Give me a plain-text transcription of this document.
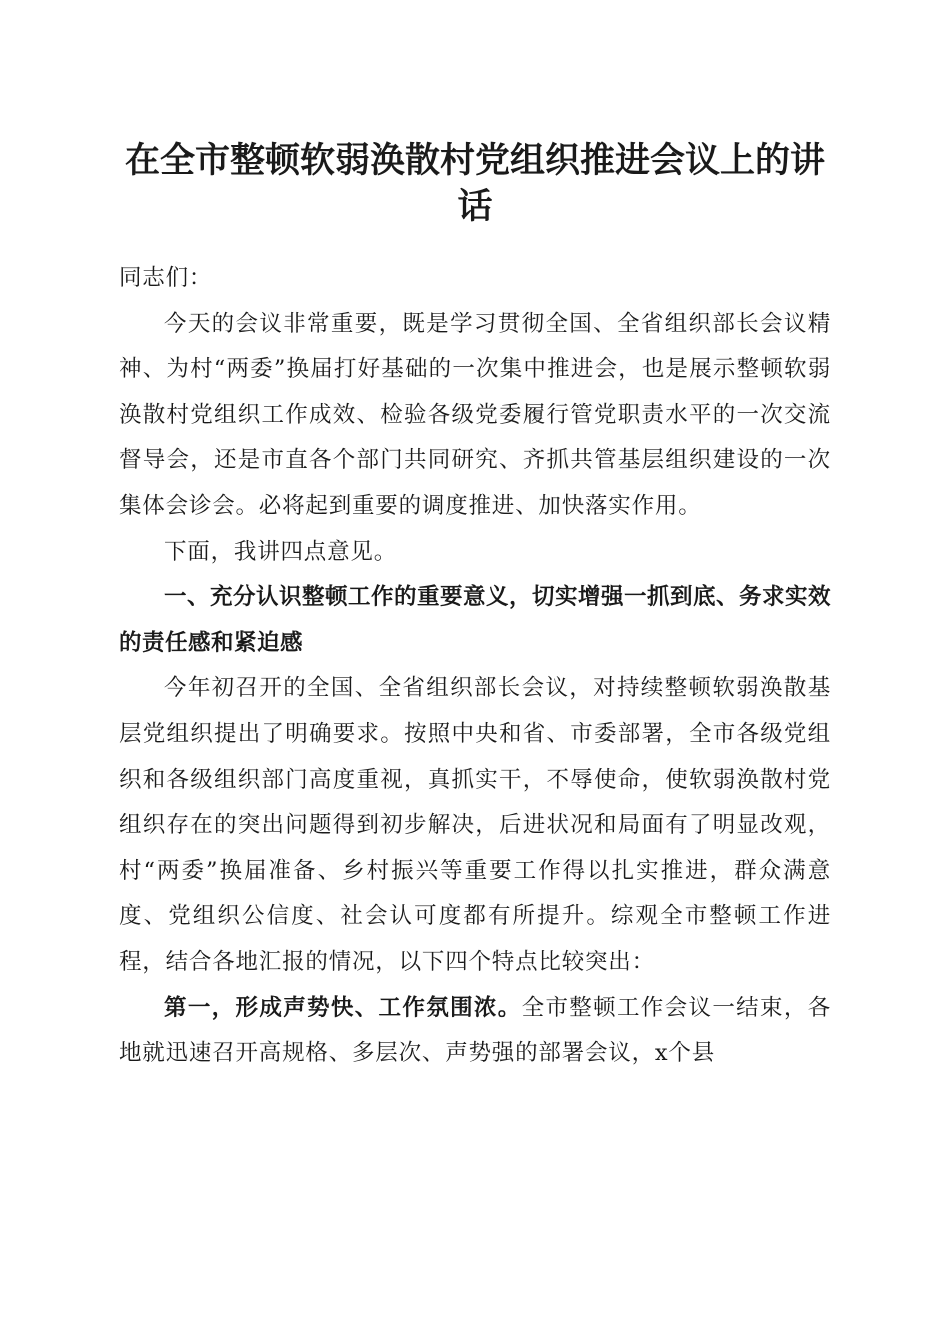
在全市整顿软弱涣散村党组织推进会议上的讲话

同志们：

今天的会议非常重要，既是学习贯彻全国、全省组织部长会议精神、为村“两委”换届打好基础的一次集中推进会，也是展示整顿软弱涣散村党组织工作成效、检验各级党委履行管党职责水平的一次交流督导会，还是市直各个部门共同研究、齐抓共管基层组织建设的一次集体会诊会。必将起到重要的调度推进、加快落实作用。

下面，我讲四点意见。

一、充分认识整顿工作的重要意义，切实增强一抓到底、务求实效的责任感和紧迫感

今年初召开的全国、全省组织部长会议，对持续整顿软弱涣散基层党组织提出了明确要求。按照中央和省、市委部署，全市各级党组织和各级组织部门高度重视，真抓实干，不辱使命，使软弱涣散村党组织存在的突出问题得到初步解决，后进状况和局面有了明显改观，村“两委”换届准备、乡村振兴等重要工作得以扎实推进，群众满意度、党组织公信度、社会认可度都有所提升。综观全市整顿工作进程，结合各地汇报的情况，以下四个特点比较突出：

第一，形成声势快、工作氛围浓。全市整顿工作会议一结束，各地就迅速召开高规格、多层次、声势强的部署会议，x个县
